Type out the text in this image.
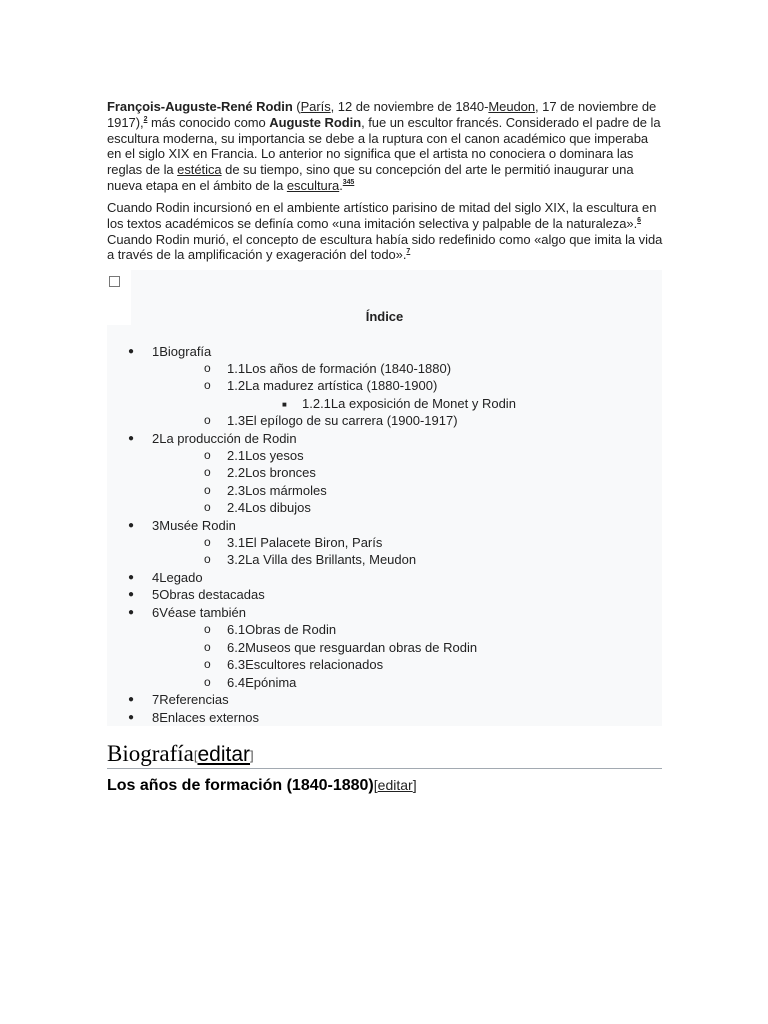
François-Auguste-René Rodin (París, 12 de noviembre de 1840-Meudon, 17 de noviembre de 1917),$^2$ más conocido como Auguste Rodin, fue un escultor francés. Considerado el padre de la escultura moderna, su importancia se debe a la ruptura con el canon académico que imperaba en el siglo XIX en Francia. Lo anterior no significa que el artista no conociera o dominara las reglas de la estética de su tiempo, sino que su concepción del arte le permitió inaugurar una nueva etapa en el ámbito de la escultura.$^{345}$

Cuando Rodin incursionó en el ambiente artístico parisino de mitad del siglo XIX, la escultura en los textos académicos se definía como «una imitación selectiva y palpable de la naturaleza».$^6$ Cuando Rodin murió, el concepto de escultura había sido redefinido como «algo que imita la vida a través de la amplificación y exageración del todo».$^7$

Índice
● 1Biografía
o 1.1Los años de formación (1840-1880)
o 1.2La madurez artística (1880-1900)
■ 1.2.1La exposición de Monet y Rodin
o 1.3El epílogo de su carrera (1900-1917)
● 2La producción de Rodin
o 2.1Los yesos
o 2.2Los bronces
o 2.3Los mármoles
o 2.4Los dibujos
● 3Musée Rodin
o 3.1El Palacete Biron, París
o 3.2La Villa des Brillants, Meudon
● 4Legado
● 5Obras destacadas
● 6Véase también
o 6.1Obras de Rodin
o 6.2Museos que resguardan obras de Rodin
o 6.3Escultores relacionados
o 6.4Epónima
● 7Referencias
● 8Enlaces externos
Biografía[editar]
Los años de formación (1840-1880)[editar]
